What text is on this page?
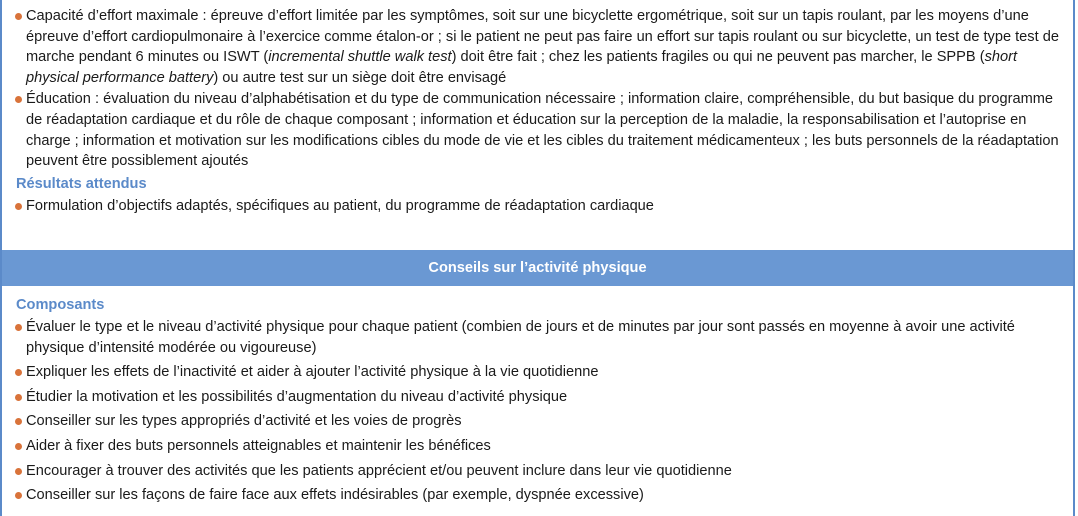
Capacité d’effort maximale : épreuve d’effort limitée par les symptômes, soit sur une bicyclette ergométrique, soit sur un tapis roulant, par les moyens d’une épreuve d’effort cardiopulmonaire à l’exercice comme étalon-or ; si le patient ne peut pas faire un effort sur tapis roulant ou sur bicyclette, un test de type test de marche pendant 6 minutes ou ISWT (incremental shuttle walk test) doit être fait ; chez les patients fragiles ou qui ne peuvent pas marcher, le SPPB (short physical performance battery) ou autre test sur un siège doit être envisagé
Éducation : évaluation du niveau d’alphabétisation et du type de communication nécessaire ; information claire, compréhensible, du but basique du programme de réadaptation cardiaque et du rôle de chaque composant ; information et éducation sur la perception de la maladie, la responsabilisation et l’autoprise en charge ; information et motivation sur les modifications cibles du mode de vie et les cibles du traitement médicamenteux ; les buts personnels de la réadaptation peuvent être possiblement ajoutés
Résultats attendus
Formulation d’objectifs adaptés, spécifiques au patient, du programme de réadaptation cardiaque
Conseils sur l’activité physique
Composants
Évaluer le type et le niveau d’activité physique pour chaque patient (combien de jours et de minutes par jour sont passés en moyenne à avoir une activité physique d’intensité modérée ou vigoureuse)
Expliquer les effets de l’inactivité et aider à ajouter l’activité physique à la vie quotidienne
Étudier la motivation et les possibilités d’augmentation du niveau d’activité physique
Conseiller sur les types appropriés d’activité et les voies de progrès
Aider à fixer des buts personnels atteignables et maintenir les bénéfices
Encourager à trouver des activités que les patients apprécient et/ou peuvent inclure dans leur vie quotidienne
Conseiller sur les façons de faire face aux effets indésirables (par exemple, dyspnée excessive)
